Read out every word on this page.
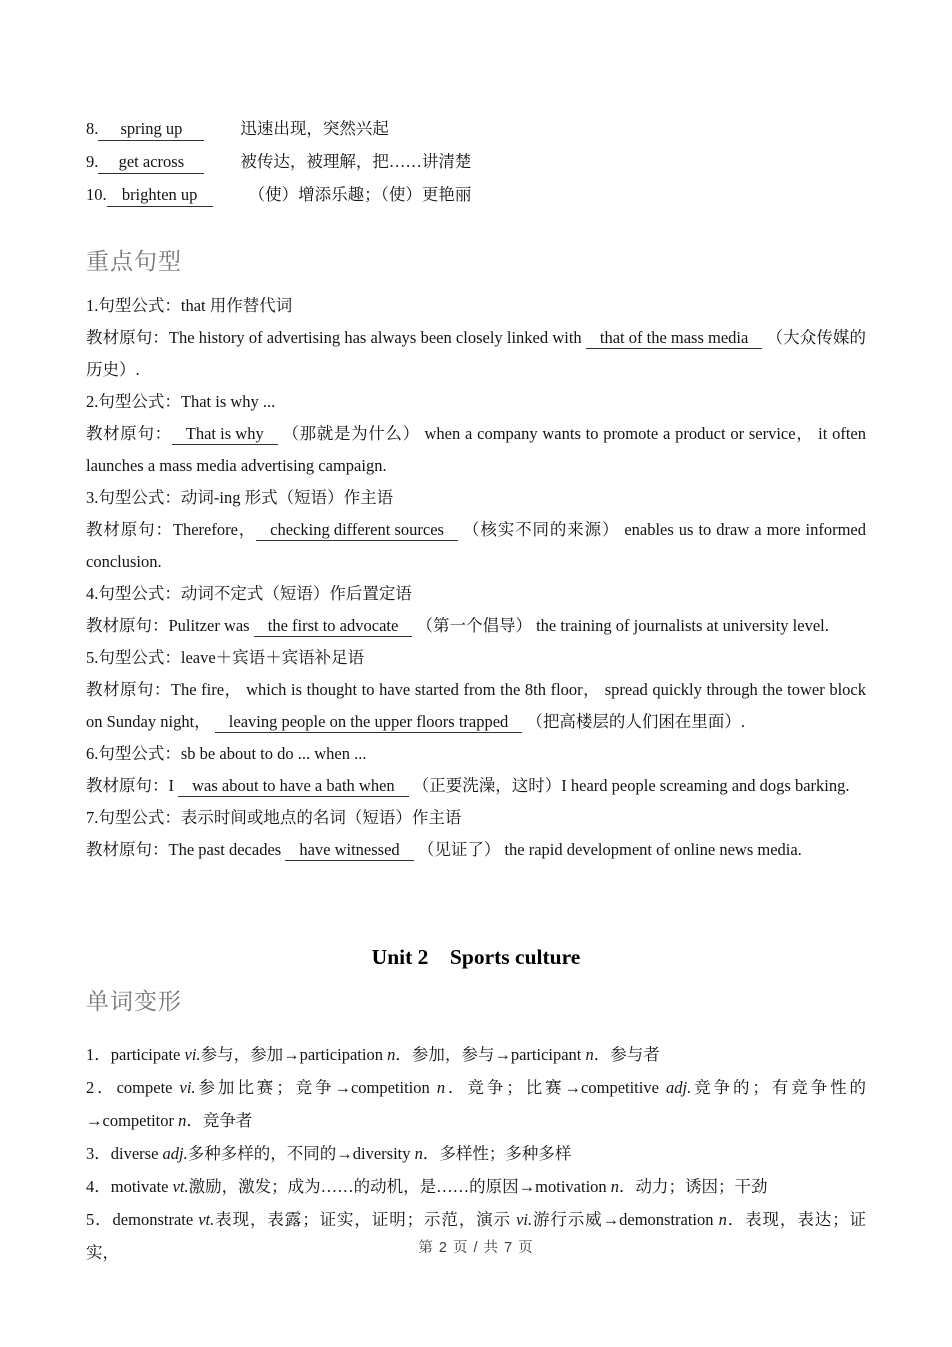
8. spring up	迅速出现，突然兴起

9. get across	被传达，被理解，把……讲清楚

10. brighten up	（使）增添乐趣；（使）更艳丽

重点句型

1.句型公式：that 用作替代词

教材原句：The history of advertising has always been closely linked with that of the mass media （大众传媒的历史）.

2.句型公式：That is why ...

教材原句： That is why （那就是为什么） when a company wants to promote a product or service， it often launches a mass media advertising campaign.

3.句型公式：动词-ing 形式（短语）作主语

教材原句：Therefore， checking different sources （核实不同的来源） enables us to draw a more informed conclusion.

4.句型公式：动词不定式（短语）作后置定语

教材原句：Pulitzer was the first to advocate （第一个倡导） the training of journalists at university level.

5.句型公式：leave＋宾语＋宾语补足语

教材原句：The fire， which is thought to have started from the 8th floor， spread quickly through the tower block on Sunday night， leaving people on the upper floors trapped （把高楼层的人们困在里面）.

6.句型公式：sb be about to do ... when ...

教材原句：I was about to have a bath when （正要洗澡，这时）I heard people screaming and dogs barking.

7.句型公式：表示时间或地点的名词（短语）作主语

教材原句：The past decades have witnessed （见证了） the rapid development of online news media.

Unit 2　Sports culture
单词变形

1．participate vi.参与，参加→participation n．参加，参与→participant n．参与者

2．compete vi.参加比赛；竞争→competition n．竞争；比赛→competitive adj.竞争的；有竞争性的→competitor n．竞争者

3．diverse adj.多种多样的，不同的→diversity n．多样性；多种多样

4．motivate vt.激励，激发；成为……的动机，是……的原因→motivation n．动力；诱因；干劲

5．demonstrate vt.表现，表露；证实，证明；示范，演示 vi.游行示威→demonstration n．表现，表达；证实，	第 2 页 / 共 7 页
